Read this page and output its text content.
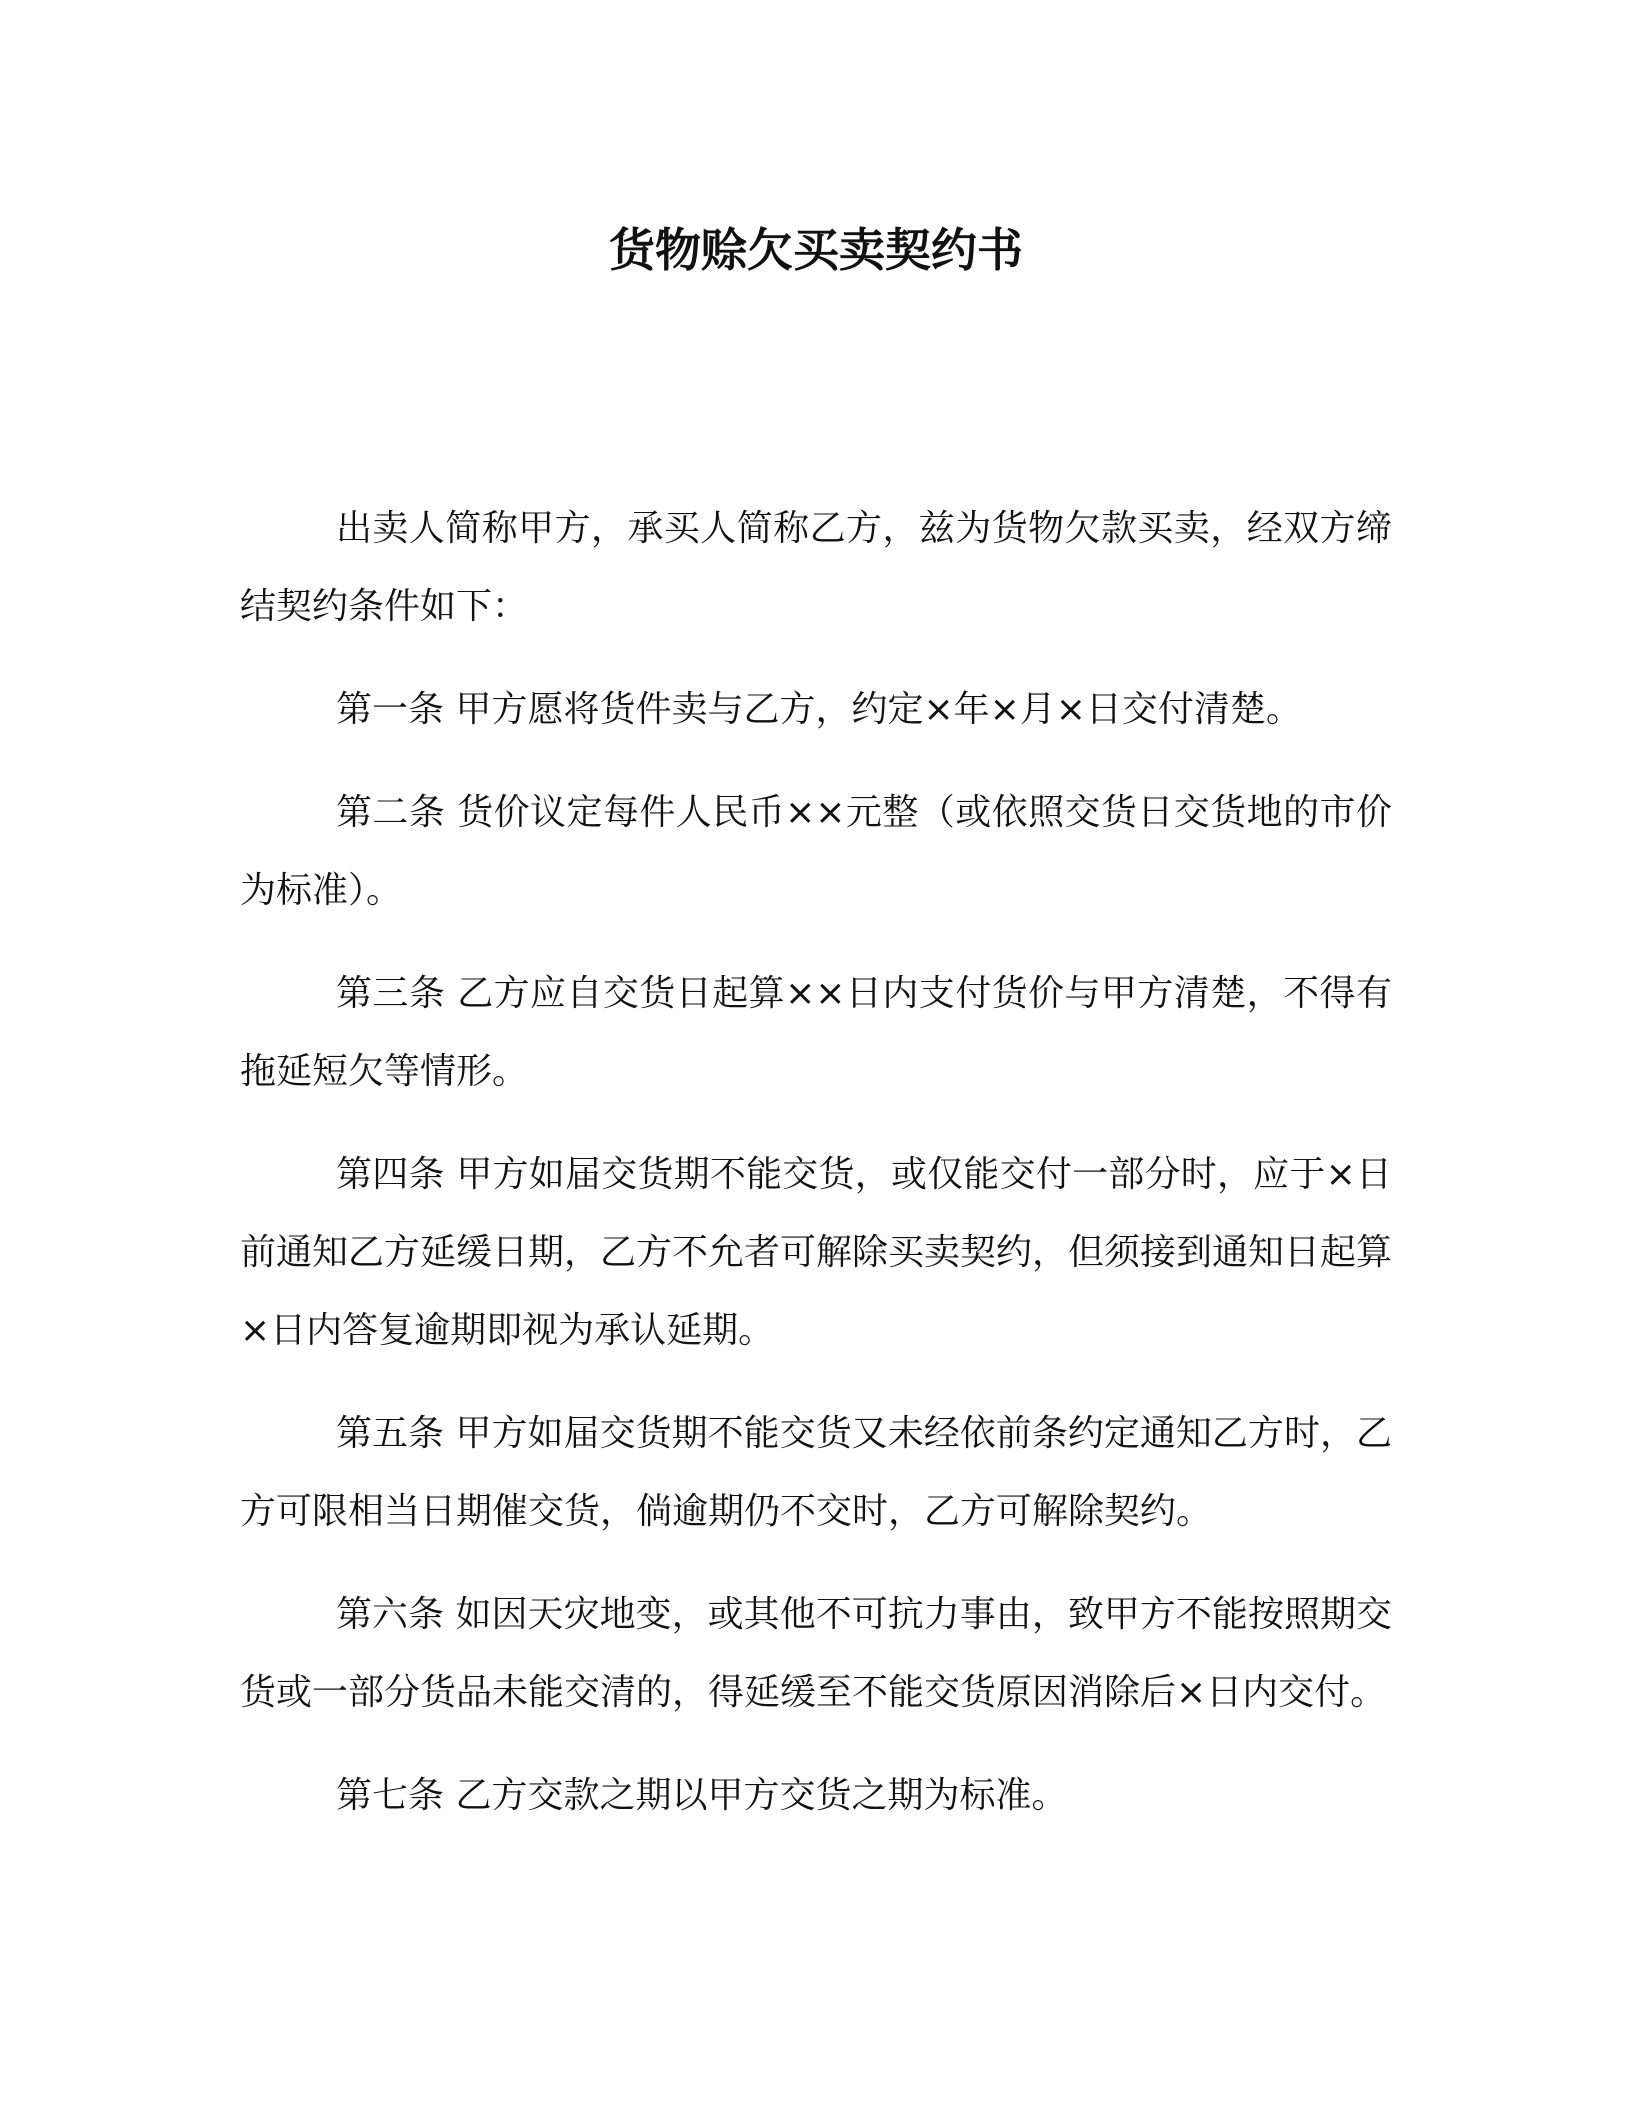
货物赊欠买卖契约书

出卖人简称甲方，承买人简称乙方，兹为货物欠款买卖，经双方缔结契约条件如下：

第一条 甲方愿将货件卖与乙方，约定×年×月×日交付清楚。

第二条 货价议定每件人民币××元整（或依照交货日交货地的市价为标准）。

第三条 乙方应自交货日起算××日内支付货价与甲方清楚，不得有拖延短欠等情形。

第四条 甲方如届交货期不能交货，或仅能交付一部分时，应于×日前通知乙方延缓日期，乙方不允者可解除买卖契约，但须接到通知日起算×日内答复逾期即视为承认延期。

第五条 甲方如届交货期不能交货又未经依前条约定通知乙方时，乙方可限相当日期催交货，倘逾期仍不交时，乙方可解除契约。

第六条 如因天灾地变，或其他不可抗力事由，致甲方不能按照期交货或一部分货品未能交清的，得延缓至不能交货原因消除后×日内交付。

第七条 乙方交款之期以甲方交货之期为标准。
